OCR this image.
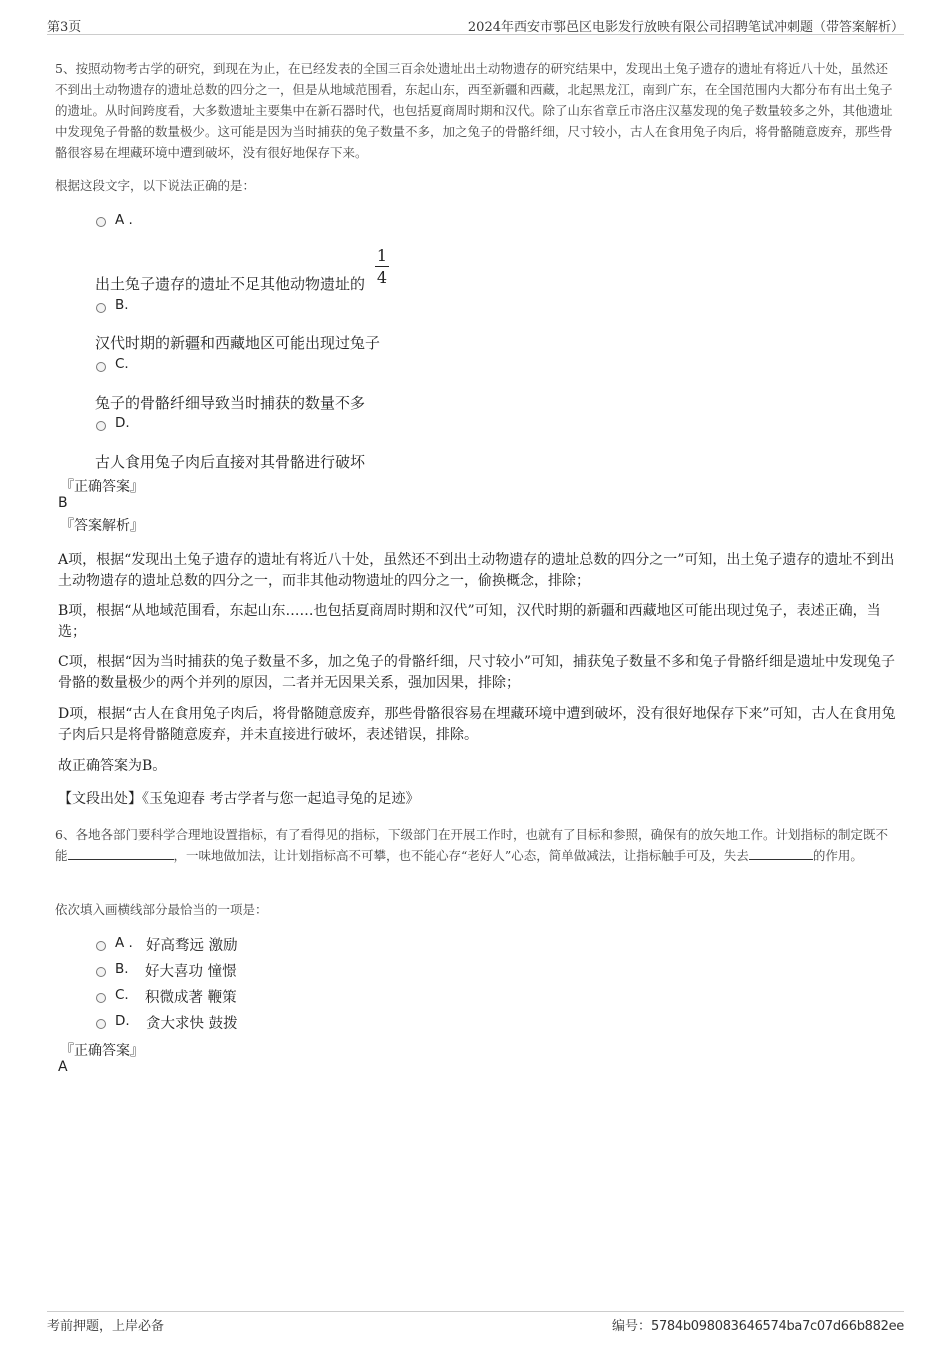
第3页	2024年西安市鄠邑区电影发行放映有限公司招聘笔试冲刺题（带答案解析）
5、按照动物考古学的研究，到现在为止，在已经发表的全国三百余处遗址出土动物遗存的研究结果中，发现出土兔子遗存的遗址有将近八十处，虽然还不到出土动物遗存的遗址总数的四分之一，但是从地域范围看，东起山东，西至新疆和西藏，北起黑龙江，南到广东，在全国范围内大都分布有出土兔子的遗址。从时间跨度看，大多数遗址主要集中在新石器时代，也包括夏商周时期和汉代。除了山东省章丘市洛庄汉墓发现的兔子数量较多之外，其他遗址中发现兔子骨骼的数量极少。这可能是因为当时捕获的兔子数量不多，加之兔子的骨骼纤细，尺寸较小，古人在食用兔子肉后，将骨骼随意废弃，那些骨骼很容易在埋藏环境中遭到破坏，没有很好地保存下来。
根据这段文字，以下说法正确的是：
A .
出土兔子遗存的遗址不足其他动物遗址的
1
4
B.
汉代时期的新疆和西藏地区可能出现过兔子
C.
兔子的骨骼纤细导致当时捕获的数量不多
D.
古人食用兔子肉后直接对其骨骼进行破坏
『正确答案』
B
『答案解析』
A项，根据“发现出土兔子遗存的遗址有将近八十处，虽然还不到出土动物遗存的遗址总数的四分之一”可知，出土兔子遗存的遗址不到出土动物遗存的遗址总数的四分之一，而非其他动物遗址的四分之一，偷换概念，排除；
B项，根据“从地域范围看，东起山东……也包括夏商周时期和汉代”可知，汉代时期的新疆和西藏地区可能出现过兔子，表述正确，当选；
C项，根据“因为当时捕获的兔子数量不多，加之兔子的骨骼纤细，尺寸较小”可知，捕获兔子数量不多和兔子骨骼纤细是遗址中发现兔子骨骼的数量极少的两个并列的原因，二者并无因果关系，强加因果，排除；
D项，根据“古人在食用兔子肉后，将骨骼随意废弃，那些骨骼很容易在埋藏环境中遭到破坏，没有很好地保存下来”可知，古人在食用兔子肉后只是将骨骼随意废弃，并未直接进行破坏，表述错误，排除。
故正确答案为B。
【文段出处】《玉兔迎春 考古学者与您一起追寻兔的足迹》
6、各地各部门要科学合理地设置指标，有了看得见的指标，下级部门在开展工作时，也就有了目标和参照，确保有的放矢地工作。计划指标的制定既不能	，一味地做加法，让计划指标高不可攀，也不能心存“老好人”心态，简单做减法，让指标触手可及，失去	的作用。
依次填入画横线部分最恰当的一项是：
A . 好高骛远 激励
B. 好大喜功 憧憬
C. 积微成著 鞭策
D. 贪大求快 鼓拨
『正确答案』
A
考前押题，上岸必备	编号：5784b098083646574ba7c07d66b882ee
